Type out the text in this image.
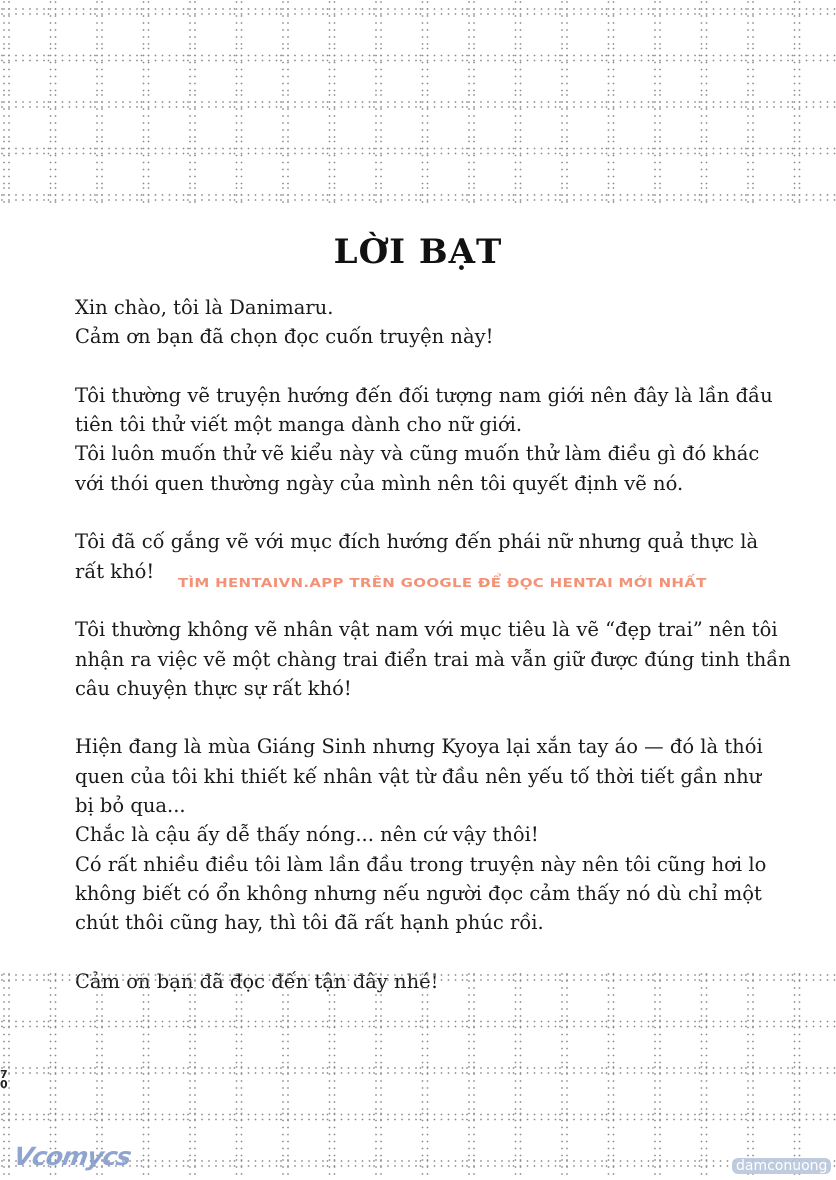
LỜI BẠT

Xin chào, tôi là Danimaru.
Cảm ơn bạn đã chọn đọc cuốn truyện này!

Tôi thường vẽ truyện hướng đến đối tượng nam giới nên đây là lần đầu
tiên tôi thử viết một manga dành cho nữ giới.
Tôi luôn muốn thử vẽ kiểu này và cũng muốn thử làm điều gì đó khác
với thói quen thường ngày của mình nên tôi quyết định vẽ nó.

Tôi đã cố gắng vẽ với mục đích hướng đến phái nữ nhưng quả thực là
rất khó!

Tôi thường không vẽ nhân vật nam với mục tiêu là vẽ “đẹp trai” nên tôi
nhận ra việc vẽ một chàng trai điển trai mà vẫn giữ được đúng tinh thần
câu chuyện thực sự rất khó!

Hiện đang là mùa Giáng Sinh nhưng Kyoya lại xắn tay áo — đó là thói
quen của tôi khi thiết kế nhân vật từ đầu nên yếu tố thời tiết gần như
bị bỏ qua...
Chắc là cậu ấy dễ thấy nóng... nên cứ vậy thôi!
Có rất nhiều điều tôi làm lần đầu trong truyện này nên tôi cũng hơi lo
không biết có ổn không nhưng nếu người đọc cảm thấy nó dù chỉ một
chút thôi cũng hay, thì tôi đã rất hạnh phúc rồi.

TÌM HENTAIVN.APP TRÊN GOOGLE ĐỂ ĐỌC HENTAI MỚI NHẤT
7
0
Vcomycs	damconuong
